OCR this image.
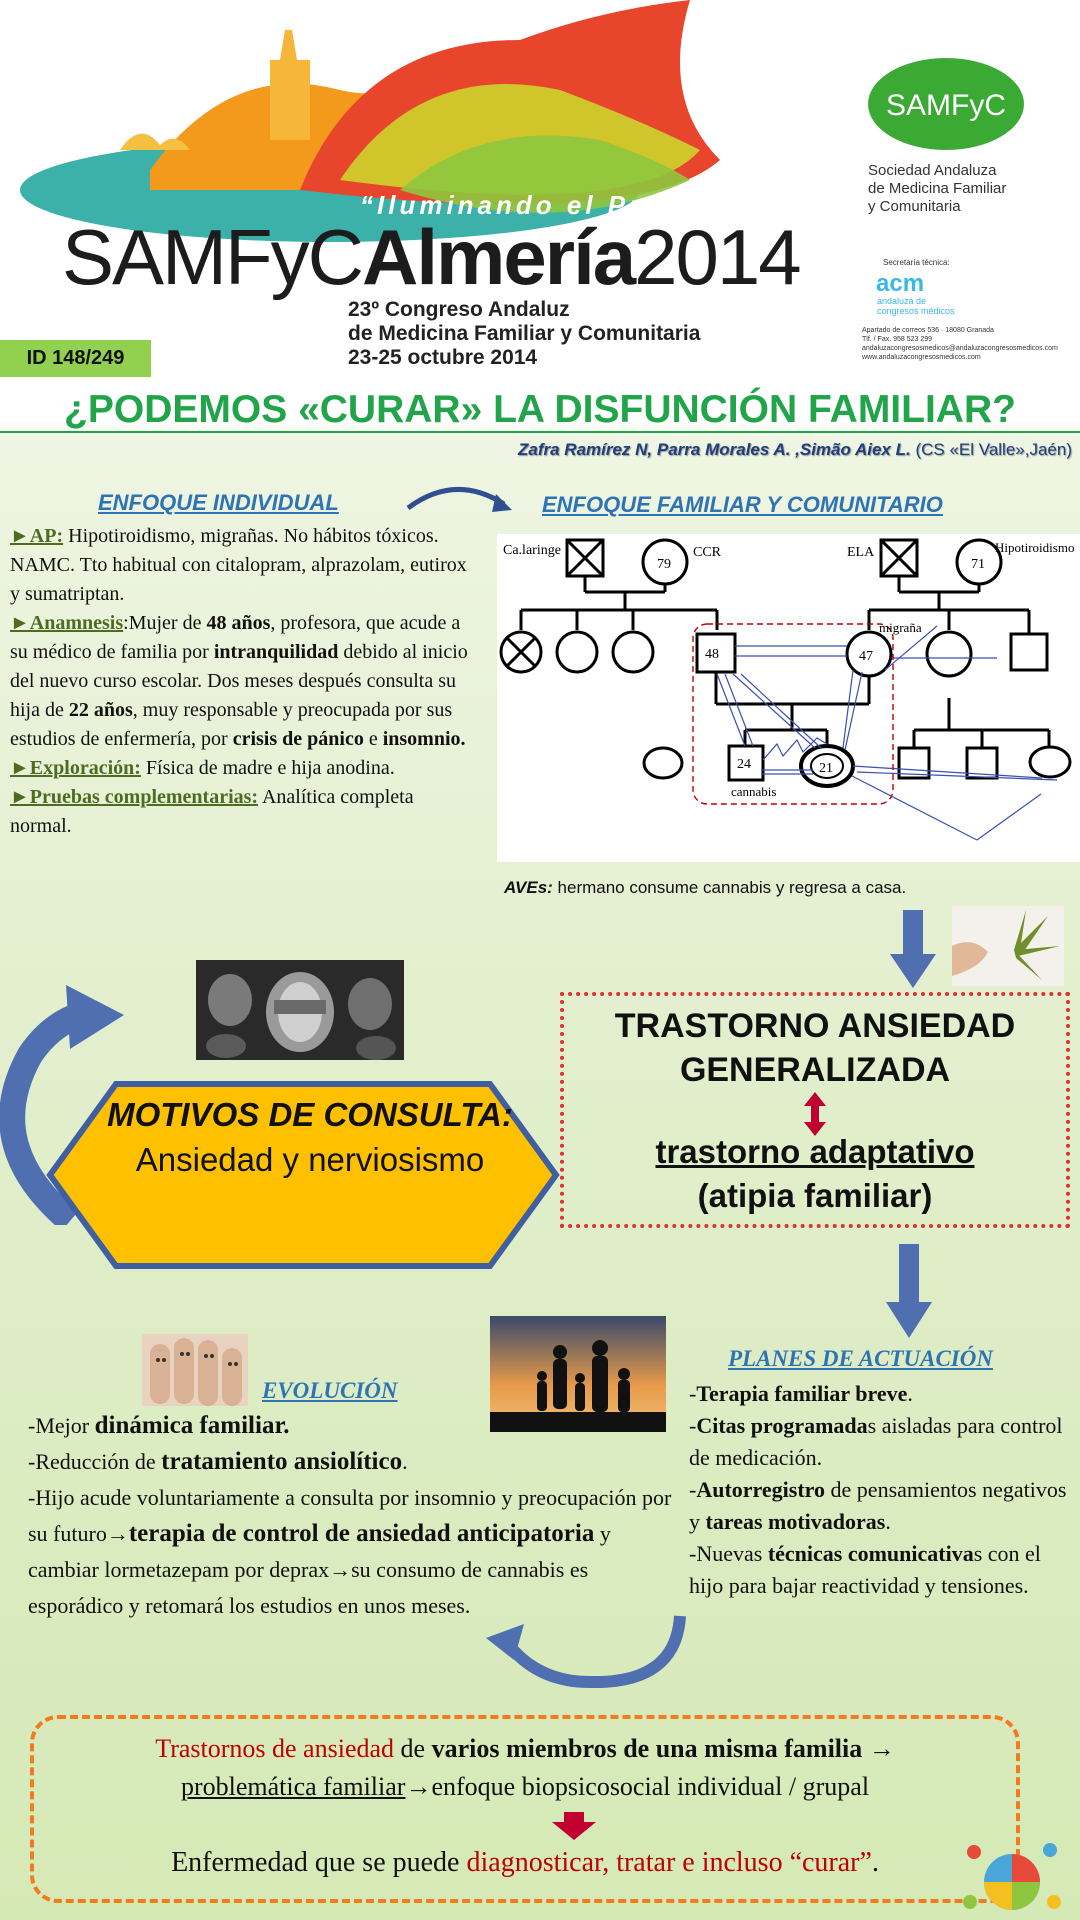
“Iluminando el Presente”
SAMFyCAlmería2014
23º Congreso Andaluz
de Medicina Familiar y Comunitaria
23-25 octubre 2014
SAMFyC
Sociedad Andaluza
de Medicina Familiar
y Comunitaria
Secretaría técnica:
acm
andaluza de
congresos médicos
Apartado de correos 536 · 18080 Granada
Tlf. / Fax. 958 523 299
andaluzacongresosmedicos@andaluzacongresosmedicos.com
www.andaluzacongresosmedicos.com
ID 148/249
¿PODEMOS «CURAR» LA DISFUNCIÓN FAMILIAR?
Zafra Ramírez N, Parra Morales A. ,Simão Aiex L. (CS «El Valle»,Jaén)
ENFOQUE INDIVIDUAL	ENFOQUE FAMILIAR Y COMUNITARIO
►AP: Hipotiroidismo, migrañas. No hábitos tóxicos. NAMC. Tto habitual con citalopram, alprazolam, eutirox y sumatriptan.
►Anamnesis:Mujer de 48 años, profesora, que acude a su médico de familia por intranquilidad debido al inicio del nuevo curso escolar. Dos meses después consulta su hija de 22 años, muy responsable y preocupada por sus estudios de enfermería, por crisis de pánico e insomnio.
►Exploración: Física de madre e hija anodina.
►Pruebas complementarias: Analítica completa normal.
Ca.laringe	CCR	ELA	Hipotiroidismo
79	71
48	47
24	21
migraña
cannabis
AVEs: hermano consume cannabis y regresa a casa.
TRASTORNO ANSIEDAD
GENERALIZADA
trastorno adaptativo
(atipia familiar)
MOTIVOS DE CONSULTA: Ansiedad y nerviosismo
EVOLUCIÓN
-Mejor dinámica familiar.
-Reducción de tratamiento ansiolítico.
-Hijo acude voluntariamente a consulta por insomnio y preocupación por su futuro→terapia de control de ansiedad anticipatoria y cambiar lormetazepam por deprax→su consumo de cannabis es esporádico y retomará los estudios en unos meses.
PLANES DE ACTUACIÓN
-Terapia familiar breve.
-Citas programadas aisladas para control de medicación.
-Autorregistro de pensamientos negativos y tareas motivadoras.
-Nuevas técnicas comunicativas con el hijo para bajar reactividad y tensiones.
Trastornos de ansiedad de varios miembros de una misma familia →
problemática familiar→enfoque biopsicosocial individual / grupal
Enfermedad que se puede diagnosticar, tratar e incluso “curar”.
